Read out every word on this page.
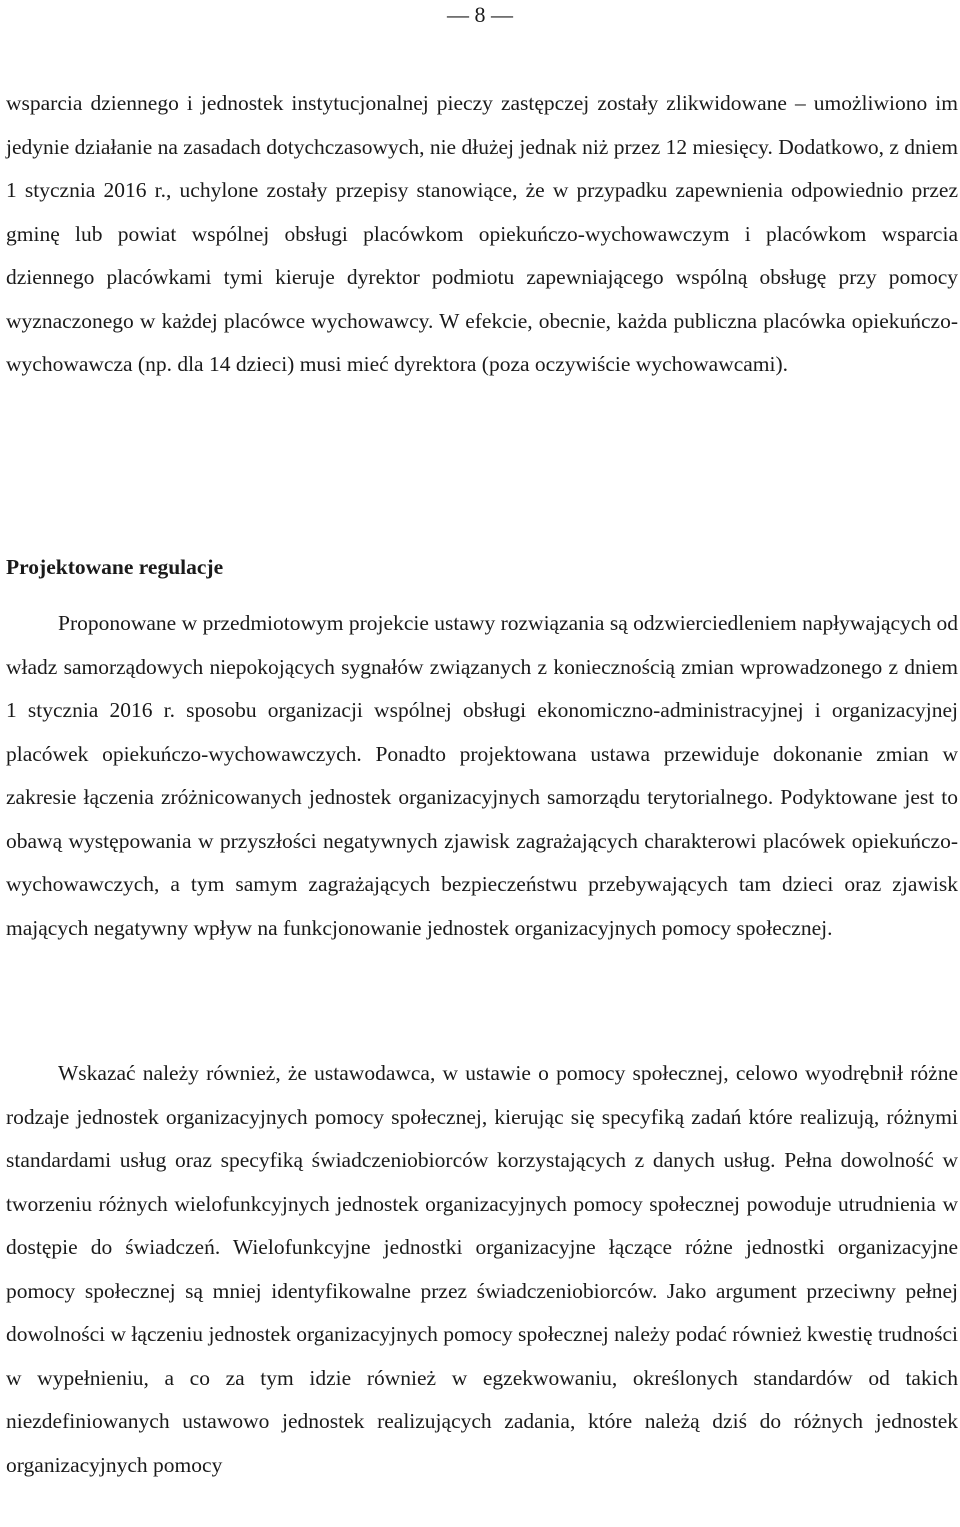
— 8 —

wsparcia dziennego i jednostek instytucjonalnej pieczy zastępczej zostały zlikwidowane – umożliwiono im jedynie działanie na zasadach dotychczasowych, nie dłużej jednak niż przez 12 miesięcy. Dodatkowo, z dniem 1 stycznia 2016 r., uchylone zostały przepisy stanowiące, że w przypadku zapewnienia odpowiednio przez gminę lub powiat wspólnej obsługi placówkom opiekuńczo-wychowawczym i placówkom wsparcia dziennego placówkami tymi kieruje dyrektor podmiotu zapewniającego wspólną obsługę przy pomocy wyznaczonego w każdej placówce wychowawcy. W efekcie, obecnie, każda publiczna placówka opiekuńczo-wychowawcza (np. dla 14 dzieci) musi mieć dyrektora (poza oczywiście wychowawcami).

Projektowane regulacje

Proponowane w przedmiotowym projekcie ustawy rozwiązania są odzwierciedleniem napływających od władz samorządowych niepokojących sygnałów związanych z koniecznością zmian wprowadzonego z dniem 1 stycznia 2016 r. sposobu organizacji wspólnej obsługi ekonomiczno-administracyjnej i organizacyjnej placówek opiekuńczo-wychowawczych. Ponadto projektowana ustawa przewiduje dokonanie zmian w zakresie łączenia zróżnicowanych jednostek organizacyjnych samorządu terytorialnego. Podyktowane jest to obawą występowania w przyszłości negatywnych zjawisk zagrażających charakterowi placówek opiekuńczo-wychowawczych, a tym samym zagrażających bezpieczeństwu przebywających tam dzieci oraz zjawisk mających negatywny wpływ na funkcjonowanie jednostek organizacyjnych pomocy społecznej.

Wskazać należy również, że ustawodawca, w ustawie o pomocy społecznej, celowo wyodrębnił różne rodzaje jednostek organizacyjnych pomocy społecznej, kierując się specyfiką zadań które realizują, różnymi standardami usług oraz specyfiką świadczeniobiorców korzystających z danych usług. Pełna dowolność w tworzeniu różnych wielofunkcyjnych jednostek organizacyjnych pomocy społecznej powoduje utrudnienia w dostępie do świadczeń. Wielofunkcyjne jednostki organizacyjne łączące różne jednostki organizacyjne pomocy społecznej są mniej identyfikowalne przez świadczeniobiorców. Jako argument przeciwny pełnej dowolności w łączeniu jednostek organizacyjnych pomocy społecznej należy podać również kwestię trudności w wypełnieniu, a co za tym idzie również w egzekwowaniu, określonych standardów od takich niezdefiniowanych ustawowo jednostek realizujących zadania, które należą dziś do różnych jednostek organizacyjnych pomocy
